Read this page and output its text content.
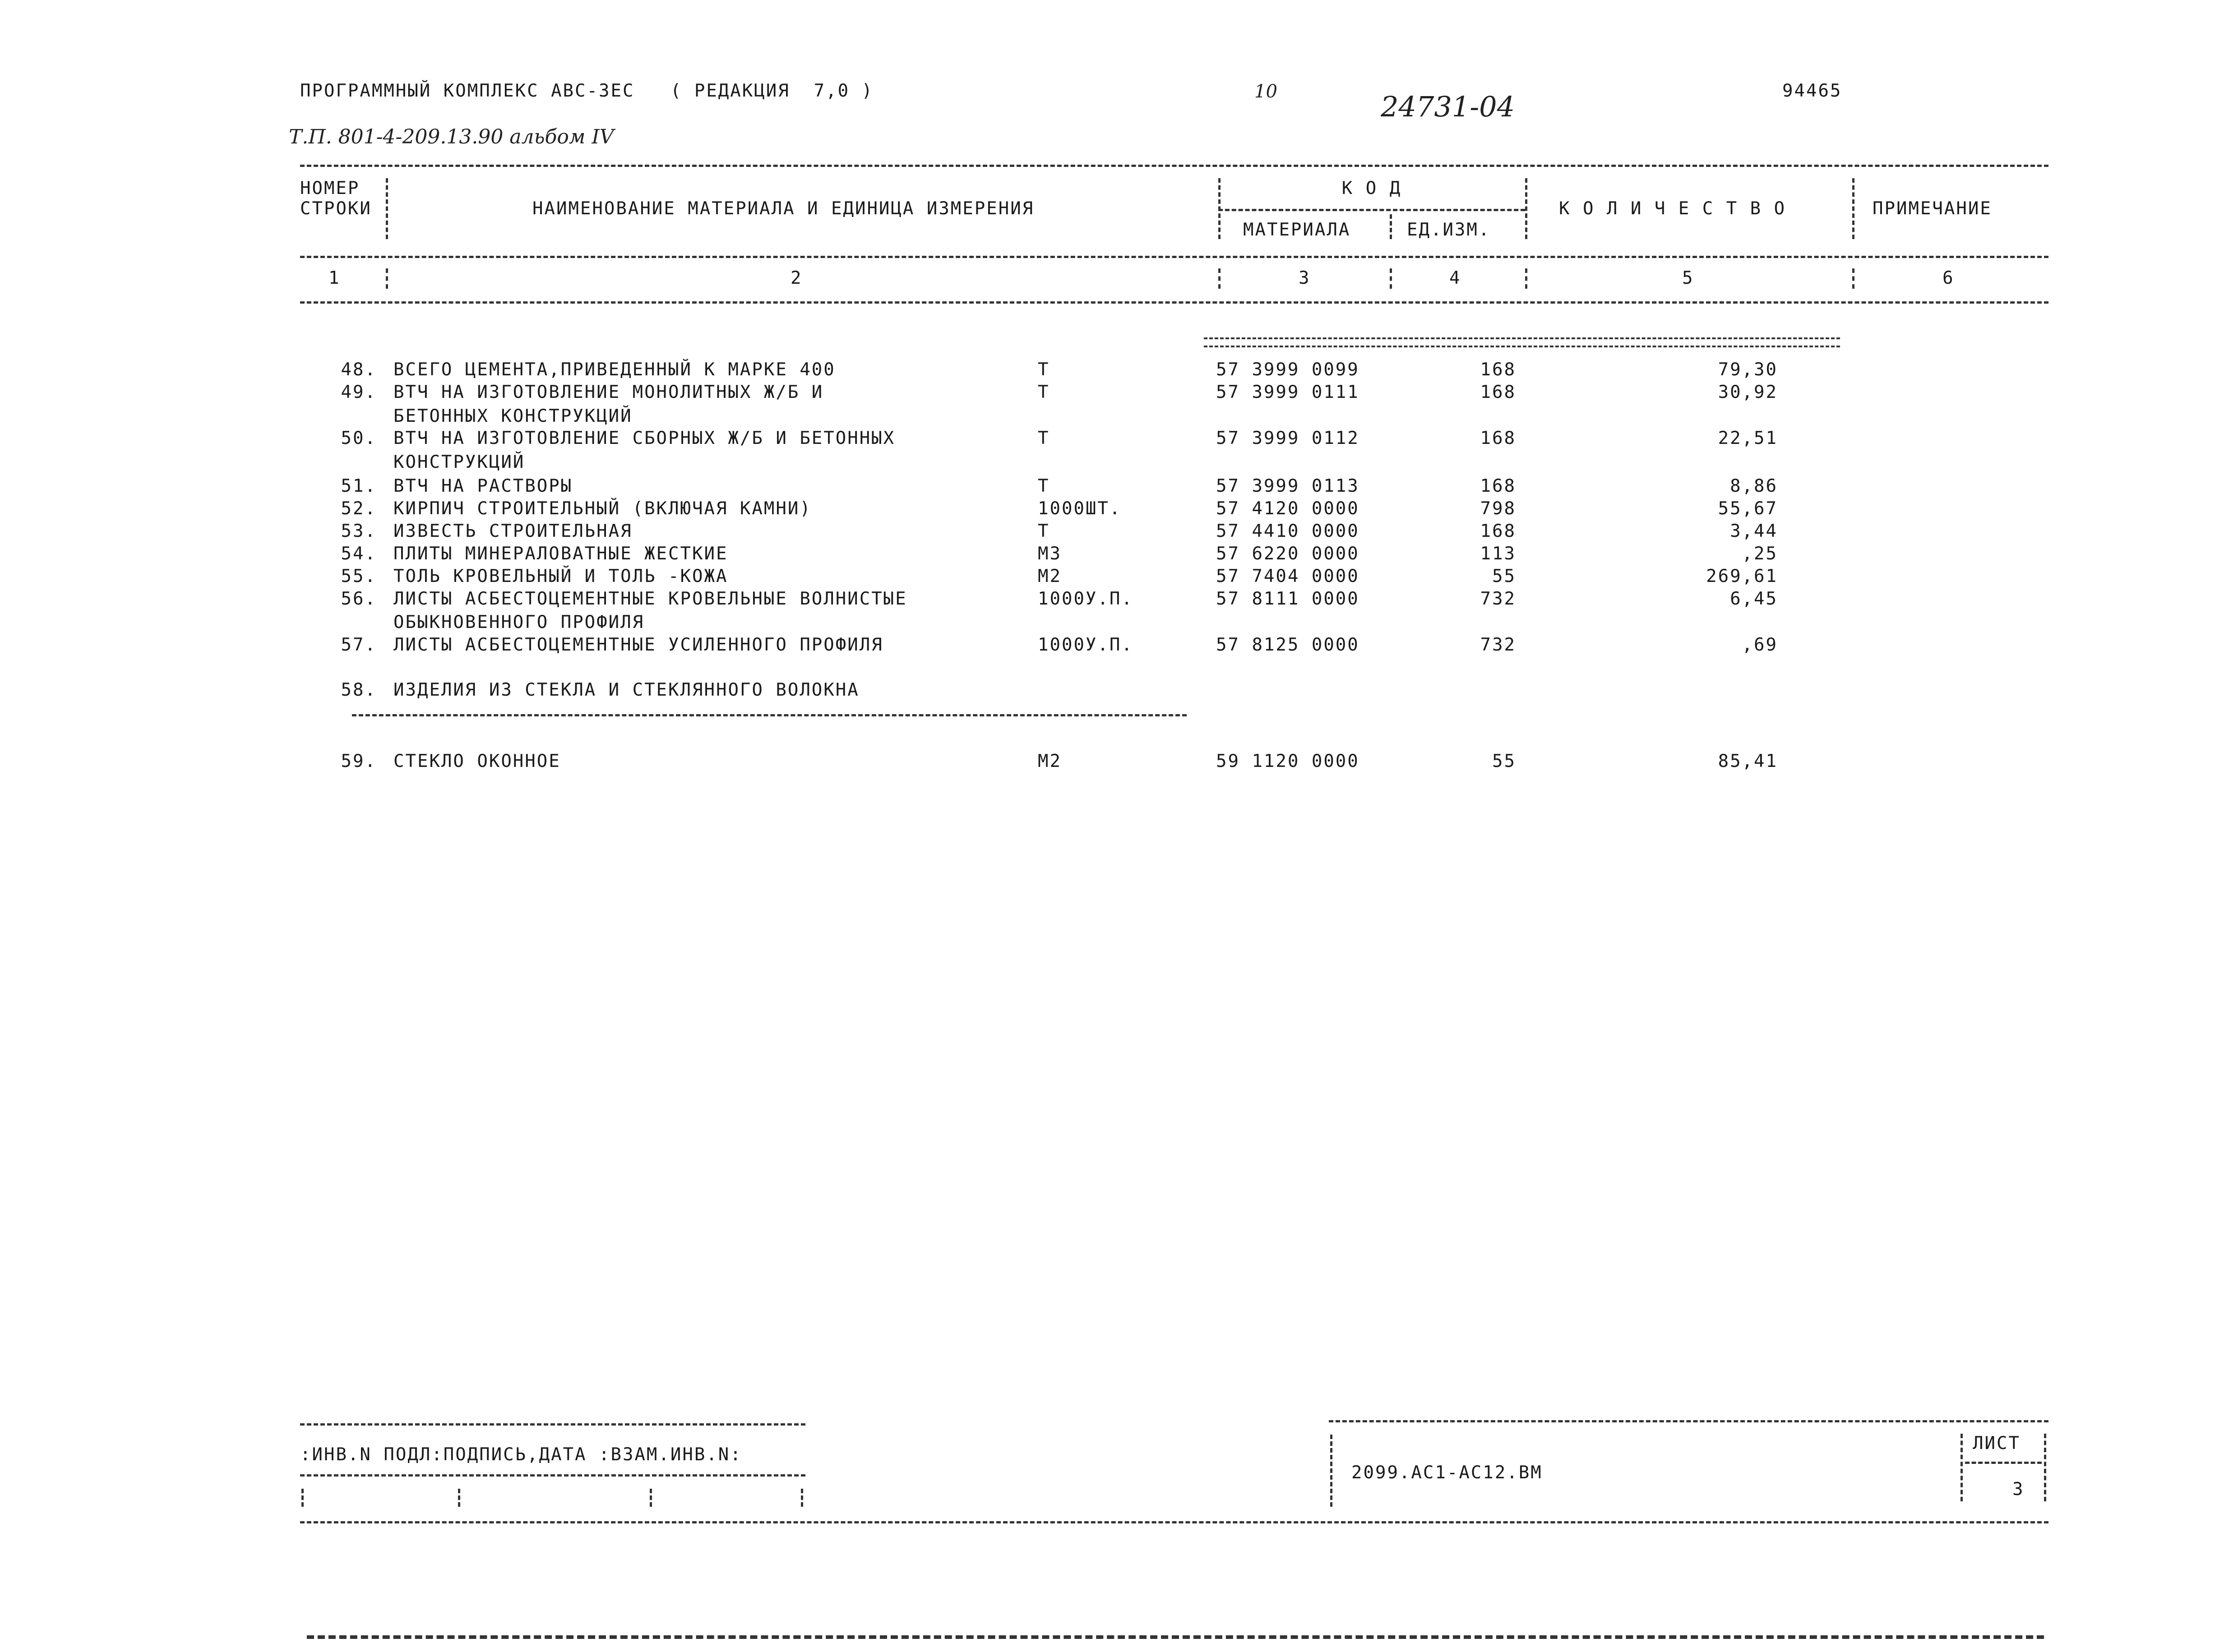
ПРОГРАММНЫЙ КОМПЛЕКС АВС-3ЕС   ( РЕДАКЦИЯ  7,0 )	10	24731-04	94465
Т.П. 801-4-209.13.90 альбом IV
НОМЕР
СТРОКИ	НАИМЕНОВАНИЕ МАТЕРИАЛА И ЕДИНИЦА ИЗМЕРЕНИЯ
К О Д
МАТЕРИАЛА	ЕД.ИЗМ.
К О Л И Ч Е С Т В О	ПРИМЕЧАНИЕ
1	2	3	4	5	6
48. ВСЕГО ЦЕМЕНТА,ПРИВЕДЕННЫЙ К МАРКЕ 400	Т	57 3999 0099	168	79,30
49. ВТЧ НА ИЗГОТОВЛЕНИЕ МОНОЛИТНЫХ Ж/Б И
БЕТОННЫХ КОНСТРУКЦИЙ
Т	57 3999 0111	168	30,92
50. ВТЧ НА ИЗГОТОВЛЕНИЕ СБОРНЫХ Ж/Б И БЕТОННЫХ
КОНСТРУКЦИЙ
Т	57 3999 0112	168	22,51
51. ВТЧ НА РАСТВОРЫ	Т	57 3999 0113	168	8,86
52. КИРПИЧ СТРОИТЕЛЬНЫЙ (ВКЛЮЧАЯ КАМНИ)	1000ШТ.	57 4120 0000	798	55,67
53. ИЗВЕСТЬ СТРОИТЕЛЬНАЯ	Т	57 4410 0000	168	3,44
54. ПЛИТЫ МИНЕРАЛОВАТНЫЕ ЖЕСТКИЕ	М3	57 6220 0000	113	,25
55. ТОЛЬ КРОВЕЛЬНЫЙ И ТОЛЬ -КОЖА	М2	57 7404 0000	55	269,61
56. ЛИСТЫ АСБЕСТОЦЕМЕНТНЫЕ КРОВЕЛЬНЫЕ ВОЛНИСТЫЕ
ОБЫКНОВЕННОГО ПРОФИЛЯ
1000У.П.	57 8111 0000	732	6,45
57. ЛИСТЫ АСБЕСТОЦЕМЕНТНЫЕ УСИЛЕННОГО ПРОФИЛЯ	1000У.П.	57 8125 0000	732	,69
58. ИЗДЕЛИЯ ИЗ СТЕКЛА И СТЕКЛЯННОГО ВОЛОКНА
59. СТЕКЛО ОКОННОЕ	М2	59 1120 0000	55	85,41
:ИНВ.N ПОДЛ:ПОДПИСЬ,ДАТА :ВЗАМ.ИНВ.N:
2099.АС1-АС12.ВМ
ЛИСТ
3
